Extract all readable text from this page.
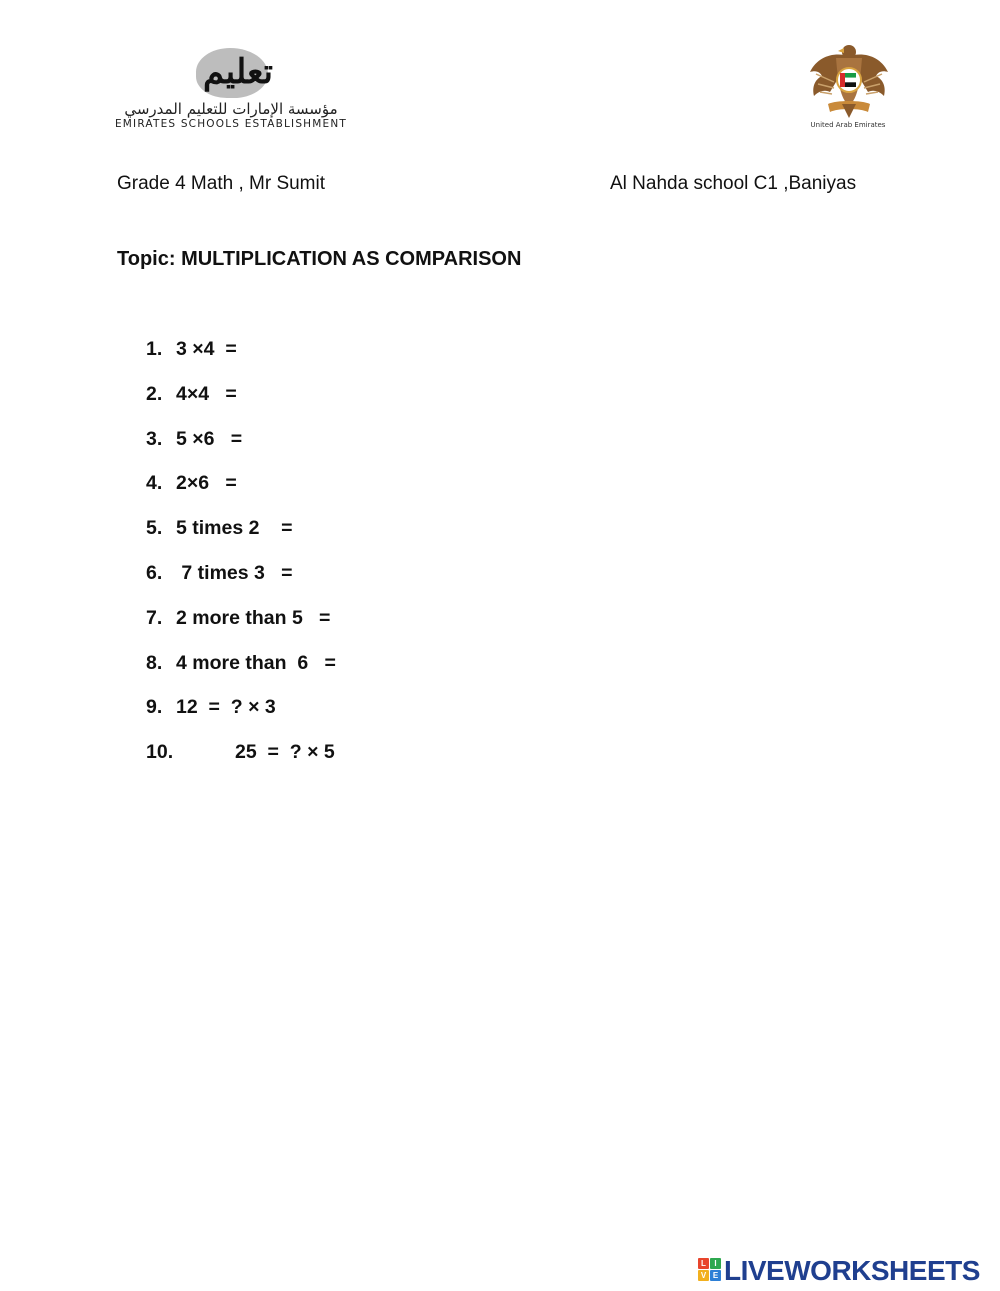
تعليم
مؤسسة الإمارات للتعليم المدرسي
EMIRATES SCHOOLS ESTABLISHMENT	United Arab Emirates
Grade 4 Math , Mr Sumit	Al Nahda school C1 ,Baniyas
Topic: MULTIPLICATION AS COMPARISON
1. 3 ×4  =
2. 4×4   =
3. 5 ×6   =
4. 2×6   =
5. 5 times 2    =
6. 7 times 3   =
7. 2 more than 5   =
8. 4 more than  6   =
9. 12  =  ? × 3
10.	25  =  ? × 5
L	I
V E LIVEWORKSHEETS
